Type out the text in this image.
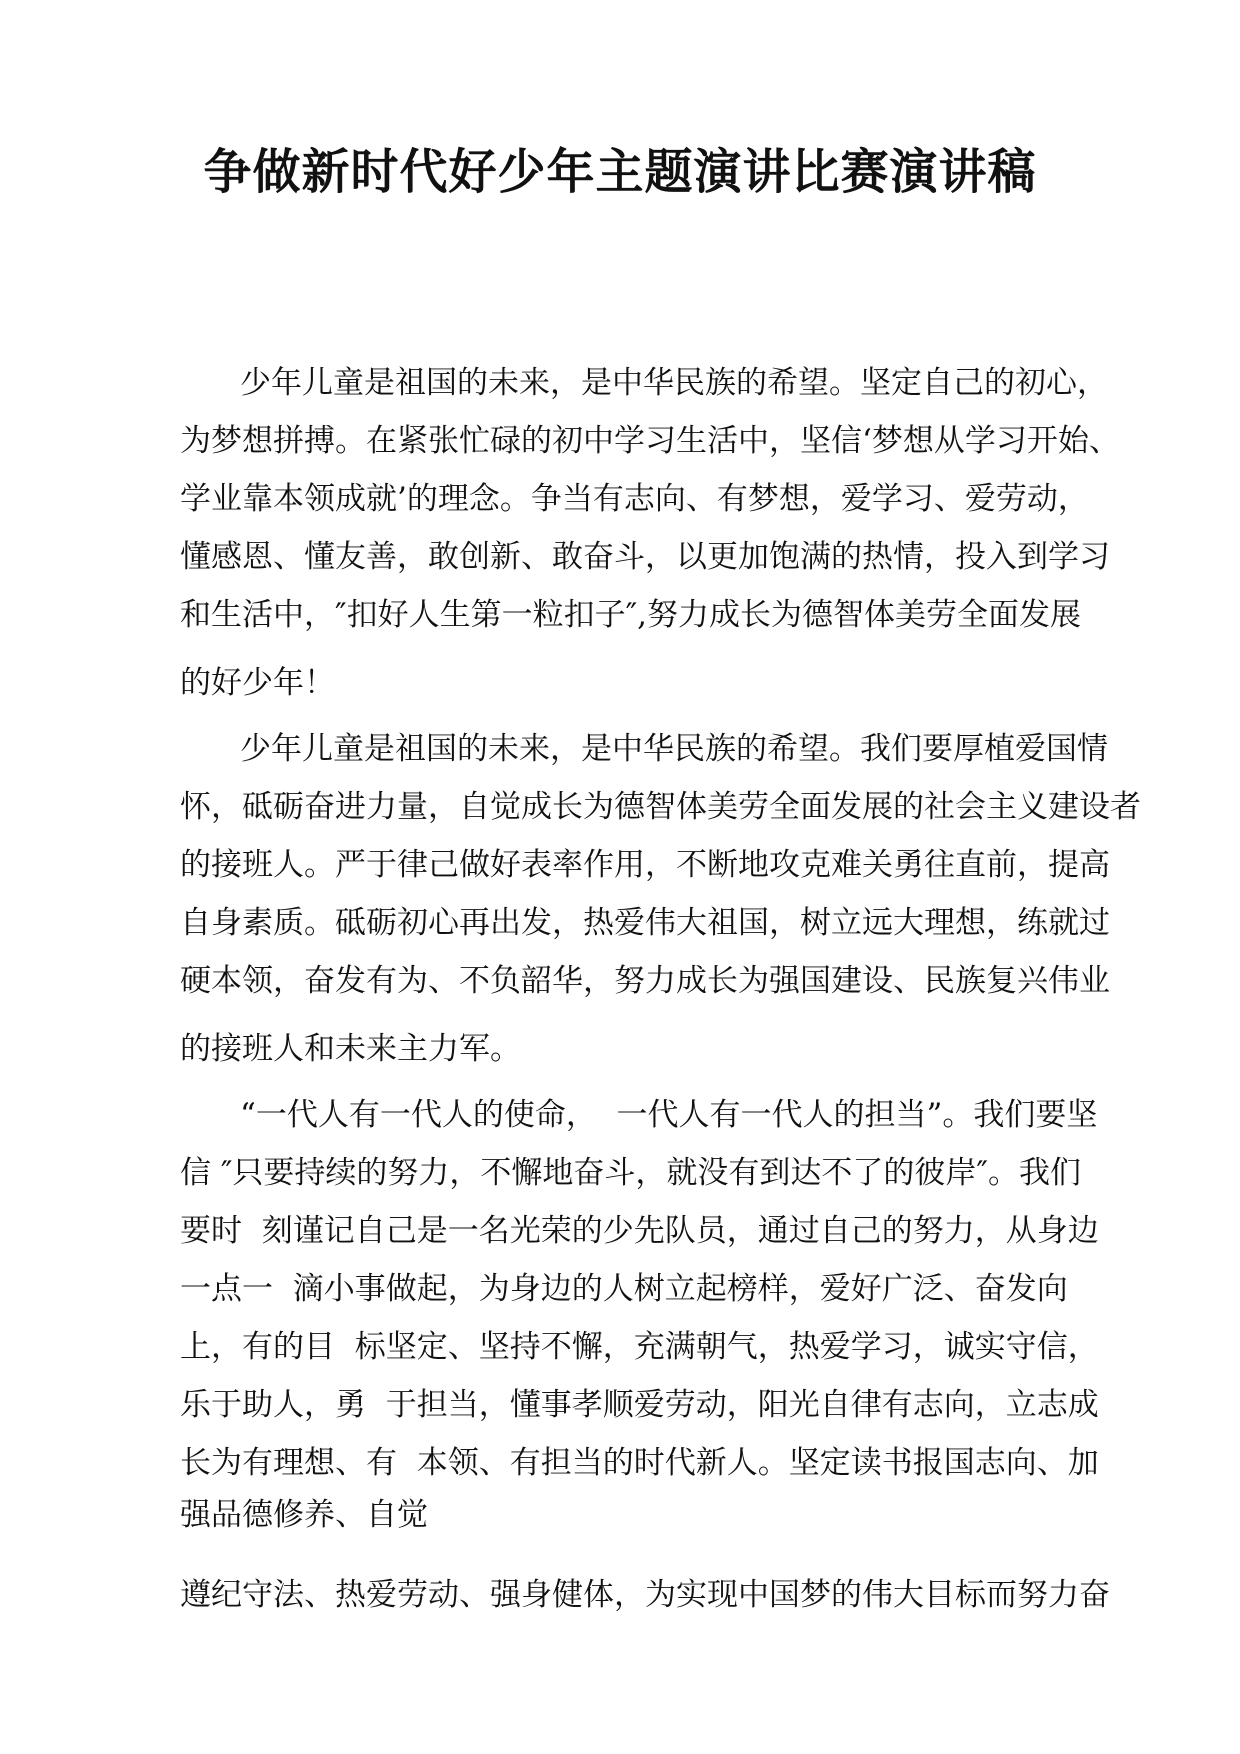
争做新时代好少年主题演讲比赛演讲稿
少年儿童是祖国的未来，是中华民族的希望。坚定自己的初心，
为梦想拼搏。在紧张忙碌的初中学习生活中，坚信‘梦想从学习开始、
学业靠本领成就’的理念。争当有志向、有梦想，爱学习、爱劳动，
懂感恩、懂友善，敢创新、敢奋斗，以更加饱满的热情，投入到学习
和生活中，″扣好人生第一粒扣子″,努力成长为德智体美劳全面发展
的好少年！
少年儿童是祖国的未来，是中华民族的希望。我们要厚植爱国情
怀，砥砺奋进力量，自觉成长为德智体美劳全面发展的社会主义建设者
的接班人。严于律己做好表率作用，不断地攻克难关勇往直前，提高
自身素质。砥砺初心再出发，热爱伟大祖国，树立远大理想，练就过
硬本领，奋发有为、不负韶华，努力成长为强国建设、民族复兴伟业
的接班人和未来主力军。
“一代人有一代人的使命，  一代人有一代人的担当”。我们要坚
信 ″只要持续的努力，不懈地奋斗，就没有到达不了的彼岸″。我们
要时  刻谨记自己是一名光荣的少先队员，通过自己的努力，从身边
一点一  滴小事做起，为身边的人树立起榜样，爱好广泛、奋发向
上，有的目  标坚定、坚持不懈，充满朝气，热爱学习，诚实守信，
乐于助人，勇  于担当，懂事孝顺爱劳动，阳光自律有志向，立志成
长为有理想、有  本领、有担当的时代新人。坚定读书报国志向、加
强品德修养、自觉
遵纪守法、热爱劳动、强身健体，为实现中国梦的伟大目标而努力奋
